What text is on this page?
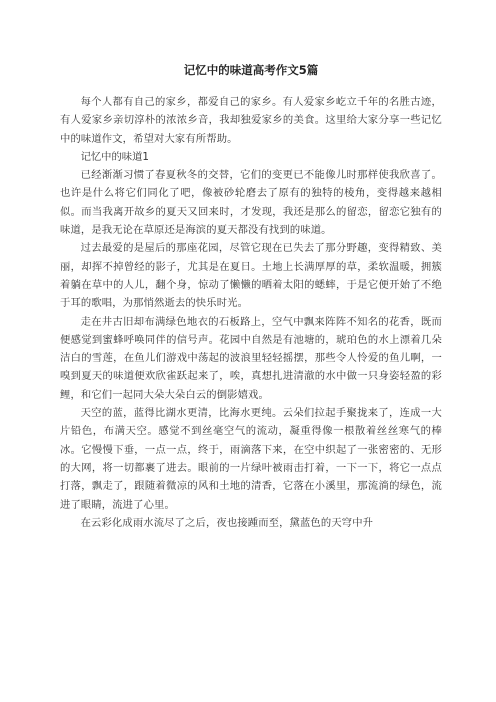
记忆中的味道高考作文5篇

每个人都有自己的家乡，都爱自己的家乡。有人爱家乡屹立千年的名胜古迹，有人爱家乡亲切淳朴的浓浓乡音，我却独爱家乡的美食。这里给大家分享一些记忆中的味道作文，希望对大家有所帮助。

记忆中的味道1

已经渐渐习惯了春夏秋冬的交替，它们的变更已不能像儿时那样使我欣喜了。也许是什么将它们同化了吧，像被砂轮磨去了原有的独特的棱角，变得越来越相似。而当我离开故乡的夏天又回来时，才发现，我还是那么的留恋，留恋它独有的味道，是我无论在草原还是海滨的夏天都没有找到的味道。

过去最爱的是屋后的那座花园，尽管它现在已失去了那分野趣，变得精致、美丽，却挥不掉曾经的影子，尤其是在夏日。土地上长满厚厚的草，柔软温暖，拥簇着躺在草中的人儿，翻个身，惊动了懒懒的晒着太阳的蟋蟀，于是它便开始了不绝于耳的歌唱，为那悄然逝去的快乐时光。

走在井古旧却布满绿色地衣的石板路上，空气中飘来阵阵不知名的花香，既而便感觉到蜜蜂呼唤同伴的信号声。花园中自然是有池塘的，琥珀色的水上漂着几朵洁白的雪莲，在鱼儿们游戏中荡起的波浪里轻轻摇摆，那些令人怜爱的鱼儿啊，一嗅到夏天的味道便欢欣雀跃起来了，唉，真想扎进清澈的水中做一只身姿轻盈的彩鲤，和它们一起同大朵大朵白云的倒影嬉戏。

天空的蓝，蓝得比湖水更清，比海水更纯。云朵们拉起手聚拢来了，连成一大片铅色，布满天空。感觉不到丝毫空气的流动，凝重得像一根散着丝丝寒气的棒冰。它慢慢下垂，一点一点，终于，雨滴落下来，在空中织起了一张密密的、无形的大网，将一切都裹了进去。眼前的一片绿叶被雨击打着，一下一下，将它一点点打落，飘走了，跟随着微凉的风和土地的清香，它落在小溪里，那流淌的绿色，流进了眼睛，流进了心里。

在云彩化成雨水流尽了之后，夜也接踵而至，黛蓝色的天穹中升
